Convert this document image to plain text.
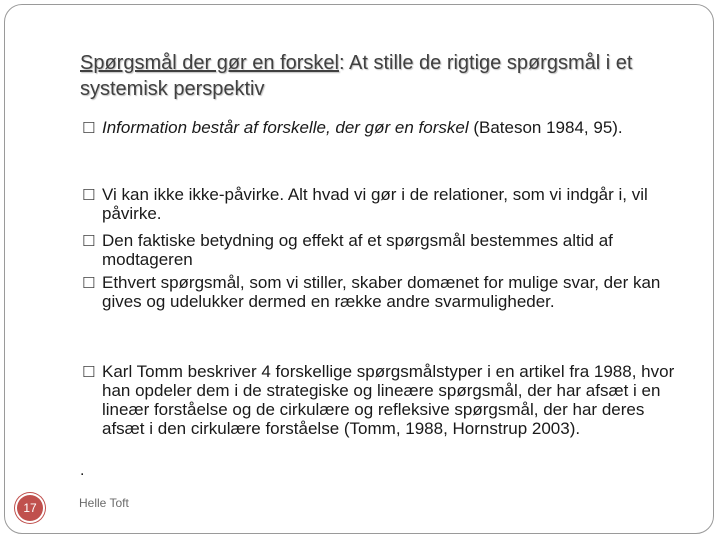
Spørgsmål der gør en forskel: At stille de rigtige spørgsmål i et systemisk perspektiv
☐ Information består af forskelle, der gør en forskel (Bateson 1984, 95).
☐ Vi kan ikke ikke-påvirke. Alt hvad vi gør i de relationer, som vi indgår i, vil påvirke.
☐ Den faktiske betydning og effekt af et spørgsmål bestemmes altid af modtageren
☐ Ethvert spørgsmål, som vi stiller, skaber domænet for mulige svar, der kan gives og udelukker dermed en række andre svarmuligheder.
☐ Karl Tomm beskriver 4 forskellige spørgsmålstyper i en artikel fra 1988, hvor han opdeler dem i de strategiske og lineære spørgsmål, der har afsæt i en lineær forståelse og de cirkulære og refleksive spørgsmål, der har deres afsæt i den cirkulære forståelse (Tomm, 1988, Hornstrup 2003).
.
Helle Toft
17
